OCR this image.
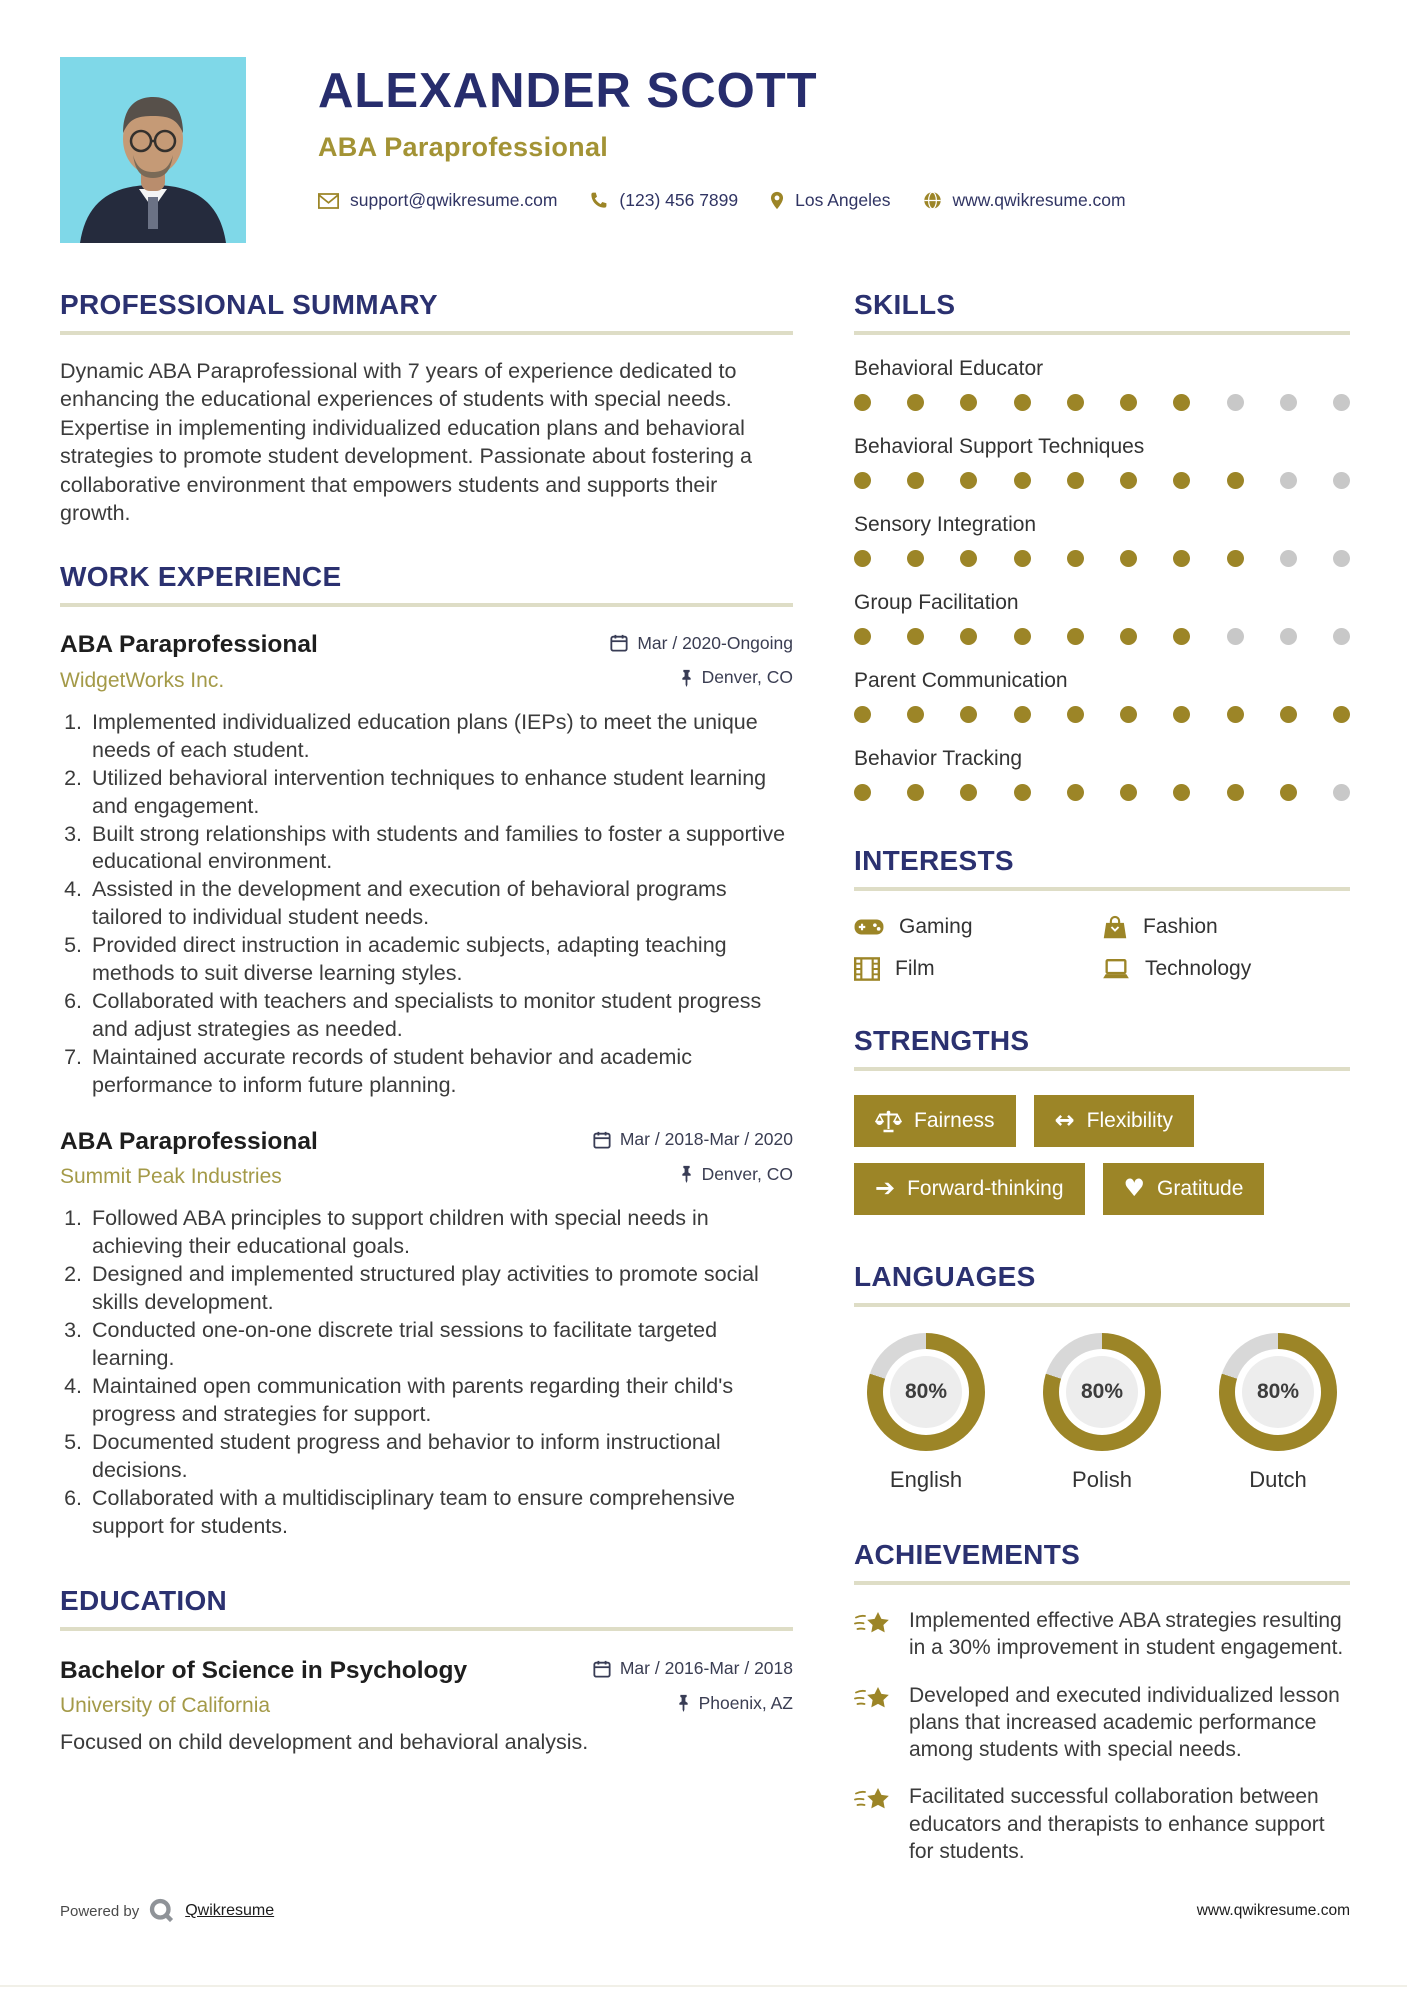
ALEXANDER SCOTT
ABA Paraprofessional
support@qwikresume.com	(123) 456 7899	Los Angeles	www.qwikresume.com
PROFESSIONAL SUMMARY

Dynamic ABA Paraprofessional with 7 years of experience dedicated to enhancing the educational experiences of students with special needs. Expertise in implementing individualized education plans and behavioral strategies to promote student development. Passionate about fostering a collaborative environment that empowers students and supports their growth.

WORK EXPERIENCE
ABA Paraprofessional	Mar / 2020-Ongoing
WidgetWorks Inc.	Denver, CO
1. Implemented individualized education plans (IEPs) to meet the unique needs of each student.
2. Utilized behavioral intervention techniques to enhance student learning and engagement.
3. Built strong relationships with students and families to foster a supportive educational environment.
4. Assisted in the development and execution of behavioral programs tailored to individual student needs.
5. Provided direct instruction in academic subjects, adapting teaching methods to suit diverse learning styles.
6. Collaborated with teachers and specialists to monitor student progress and adjust strategies as needed.
7. Maintained accurate records of student behavior and academic performance to inform future planning.
ABA Paraprofessional	Mar / 2018-Mar / 2020
Summit Peak Industries	Denver, CO
1. Followed ABA principles to support children with special needs in achieving their educational goals.
2. Designed and implemented structured play activities to promote social skills development.
3. Conducted one-on-one discrete trial sessions to facilitate targeted learning.
4. Maintained open communication with parents regarding their child's progress and strategies for support.
5. Documented student progress and behavior to inform instructional decisions.
6. Collaborated with a multidisciplinary team to ensure comprehensive support for students.
EDUCATION
Bachelor of Science in Psychology	Mar / 2016-Mar / 2018
University of California	Phoenix, AZ
Focused on child development and behavioral analysis.
SKILLS
Behavioral Educator
Behavioral Support Techniques
Sensory Integration
Group Facilitation
Parent Communication
Behavior Tracking
INTERESTS
Gaming	Fashion
Film	Technology
STRENGTHS
Fairness	↔ Flexibility
➔ Forward-thinking	♥ Gratitude
LANGUAGES
80%
English
80%
Polish
80%
Dutch
ACHIEVEMENTS
Implemented effective ABA strategies resulting in a 30% improvement in student engagement.
Developed and executed individualized lesson plans that increased academic performance among students with special needs.
Facilitated successful collaboration between educators and therapists to enhance support for students.
Powered by	Qwikresume	www.qwikresume.com
